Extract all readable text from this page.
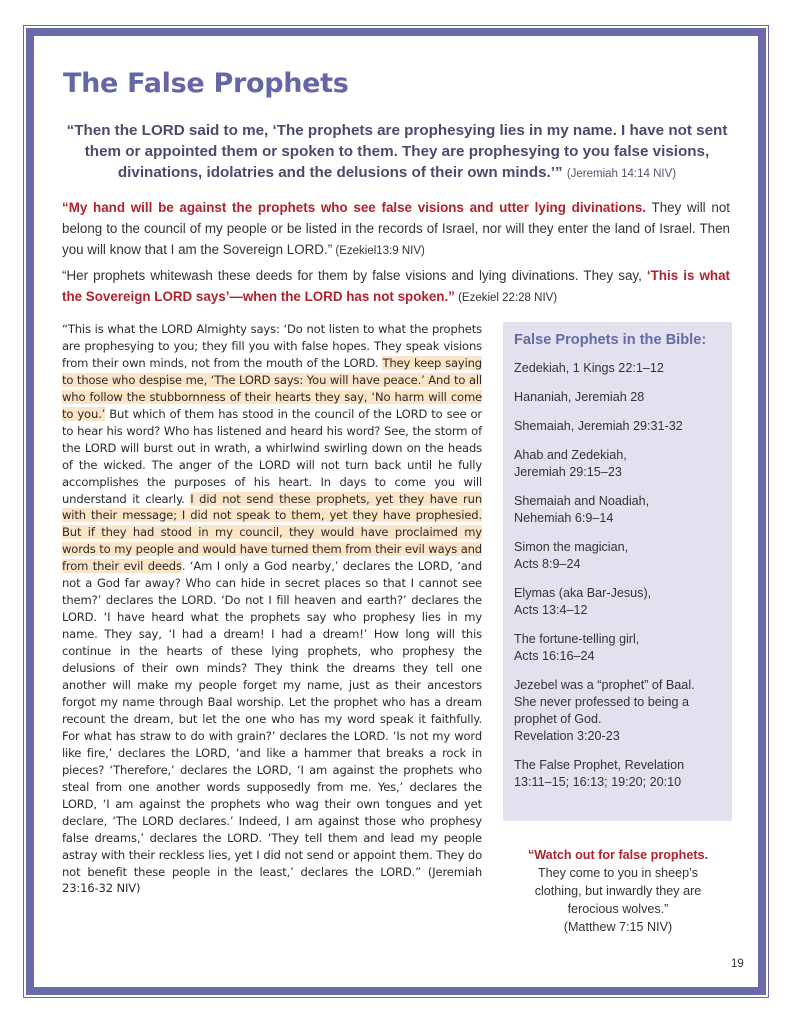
The False Prophets

“Then the LORD said to me, ‘The prophets are prophesying lies in my name. I have not sent them or appointed them or spoken to them. They are prophesying to you false visions, divinations, idolatries and the delusions of their own minds.’” (Jeremiah 14:14 NIV)

“My hand will be against the prophets who see false visions and utter lying divinations. They will not belong to the council of my people or be listed in the records of Israel, nor will they enter the land of Israel. Then you will know that I am the Sovereign LORD.” (Ezekiel13:9 NIV)

“Her prophets whitewash these deeds for them by false visions and lying divinations. They say, ‘This is what the Sovereign LORD says’—when the LORD has not spoken.” (Ezekiel 22:28 NIV)

“This is what the LORD Almighty says: ‘Do not listen to what the prophets are prophesying to you; they fill you with false hopes. They speak visions from their own minds, not from the mouth of the LORD. They keep saying to those who despise me, ‘The LORD says: You will have peace.’ And to all who follow the stubbornness of their hearts they say, ‘No harm will come to you.’ But which of them has stood in the council of the LORD to see or to hear his word? Who has listened and heard his word? See, the storm of the LORD will burst out in wrath, a whirlwind swirling down on the heads of the wicked. The anger of the LORD will not turn back until he fully accomplishes the purposes of his heart. In days to come you will understand it clearly. I did not send these prophets, yet they have run with their message; I did not speak to them, yet they have prophesied. But if they had stood in my council, they would have proclaimed my words to my people and would have turned them from their evil ways and from their evil deeds. ‘Am I only a God nearby,’ declares the LORD, ‘and not a God far away? Who can hide in secret places so that I cannot see them?’ declares the LORD. ‘Do not I fill heaven and earth?’ declares the LORD. ‘I have heard what the prophets say who prophesy lies in my name. They say, ‘I had a dream! I had a dream!’ How long will this continue in the hearts of these lying prophets, who prophesy the delusions of their own minds? They think the dreams they tell one another will make my people forget my name, just as their ancestors forgot my name through Baal worship. Let the prophet who has a dream recount the dream, but let the one who has my word speak it faithfully. For what has straw to do with grain?’ declares the LORD. ‘Is not my word like fire,’ declares the LORD, ‘and like a hammer that breaks a rock in pieces? ‘Therefore,’ declares the LORD, ‘I am against the prophets who steal from one another words supposedly from me. Yes,’ declares the LORD, ‘I am against the prophets who wag their own tongues and yet declare, ‘The LORD declares.’ Indeed, I am against those who prophesy false dreams,’ declares the LORD. ‘They tell them and lead my people astray with their reckless lies, yet I did not send or appoint them. They do not benefit these people in the least,’ declares the LORD.” (Jeremiah 23:16-32 NIV)

False Prophets in the Bible:
Zedekiah, 1 Kings 22:1–12
Hananiah, Jeremiah 28
Shemaiah, Jeremiah 29:31-32
Ahab and Zedekiah,
Jeremiah 29:15–23
Shemaiah and Noadiah,
Nehemiah 6:9–14
Simon the magician,
Acts 8:9–24
Elymas (aka Bar-Jesus),
Acts 13:4–12
The fortune-telling girl,
Acts 16:16–24
Jezebel was a “prophet” of Baal.
She never professed to being a
prophet of God.
Revelation 3:20-23
The False Prophet, Revelation
13:11–15; 16:13; 19:20; 20:10

“Watch out for false prophets.
They come to you in sheep’s
clothing, but inwardly they are
ferocious wolves.”
(Matthew 7:15 NIV)

19
